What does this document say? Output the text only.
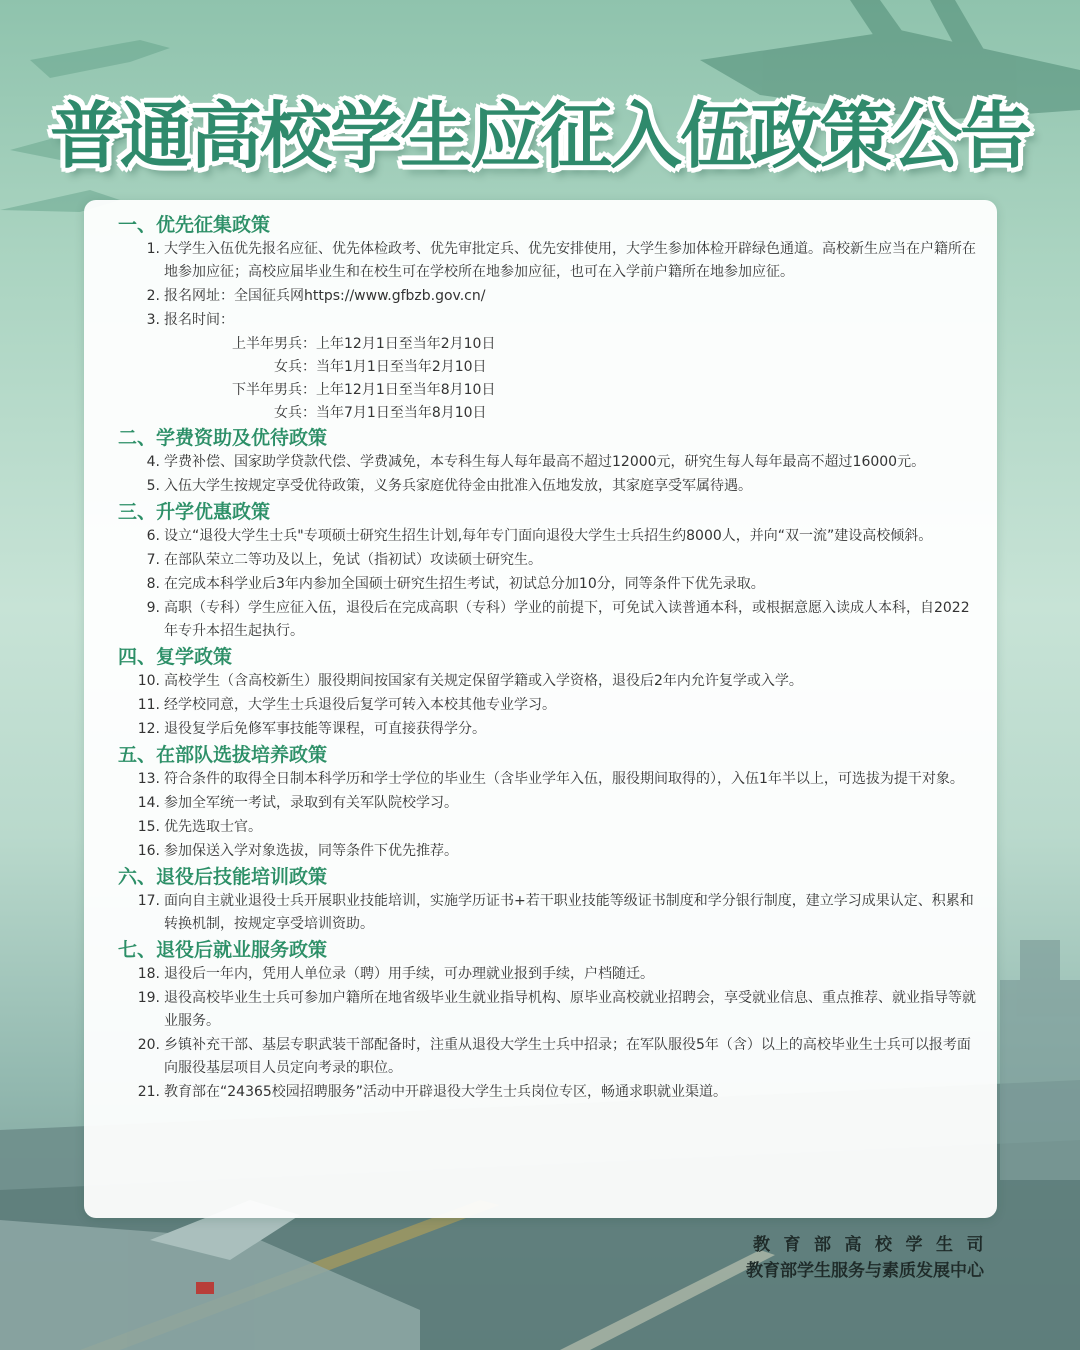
普通高校学生应征入伍政策公告
一、优先征集政策
1. 大学生入伍优先报名应征、优先体检政考、优先审批定兵、优先安排使用，大学生参加体检开辟绿色通道。高校新生应当在户籍所在地参加应征；高校应届毕业生和在校生可在学校所在地参加应征，也可在入学前户籍所在地参加应征。
2. 报名网址：全国征兵网https://www.gfbzb.gov.cn/
3. 报名时间：
上半年男兵： 上年12月1日至当年2月10日
女兵： 当年1月1日至当年2月10日
下半年男兵： 上年12月1日至当年8月10日
女兵： 当年7月1日至当年8月10日
二、学费资助及优待政策
4. 学费补偿、国家助学贷款代偿、学费减免，本专科生每人每年最高不超过12000元，研究生每人每年最高不超过16000元。
5. 入伍大学生按规定享受优待政策，义务兵家庭优待金由批准入伍地发放，其家庭享受军属待遇。
三、升学优惠政策
6. 设立“退役大学生士兵"专项硕士研究生招生计划,每年专门面向退役大学生士兵招生约8000人，并向“双一流”建设高校倾斜。
7. 在部队荣立二等功及以上，免试（指初试）攻读硕士研究生。
8. 在完成本科学业后3年内参加全国硕士研究生招生考试，初试总分加10分，同等条件下优先录取。
9. 高职（专科）学生应征入伍，退役后在完成高职（专科）学业的前提下，可免试入读普通本科，或根据意愿入读成人本科，自2022年专升本招生起执行。
四、复学政策
10. 高校学生（含高校新生）服役期间按国家有关规定保留学籍或入学资格，退役后2年内允许复学或入学。
11. 经学校同意，大学生士兵退役后复学可转入本校其他专业学习。
12. 退役复学后免修军事技能等课程，可直接获得学分。
五、在部队选拔培养政策
13. 符合条件的取得全日制本科学历和学士学位的毕业生（含毕业学年入伍，服役期间取得的），入伍1年半以上，可选拔为提干对象。
14. 参加全军统一考试，录取到有关军队院校学习。
15. 优先选取士官。
16. 参加保送入学对象选拔，同等条件下优先推荐。
六、退役后技能培训政策
17. 面向自主就业退役士兵开展职业技能培训，实施学历证书+若干职业技能等级证书制度和学分银行制度，建立学习成果认定、积累和转换机制，按规定享受培训资助。
七、退役后就业服务政策
18. 退役后一年内，凭用人单位录（聘）用手续，可办理就业报到手续，户档随迁。
19. 退役高校毕业生士兵可参加户籍所在地省级毕业生就业指导机构、原毕业高校就业招聘会，享受就业信息、重点推荐、就业指导等就业服务。
20. 乡镇补充干部、基层专职武装干部配备时，注重从退役大学生士兵中招录；在军队服役5年（含）以上的高校毕业生士兵可以报考面向服役基层项目人员定向考录的职位。
21. 教育部在“24365校园招聘服务”活动中开辟退役大学生士兵岗位专区，畅通求职就业渠道。
教育部高校学生司
教育部学生服务与素质发展中心
